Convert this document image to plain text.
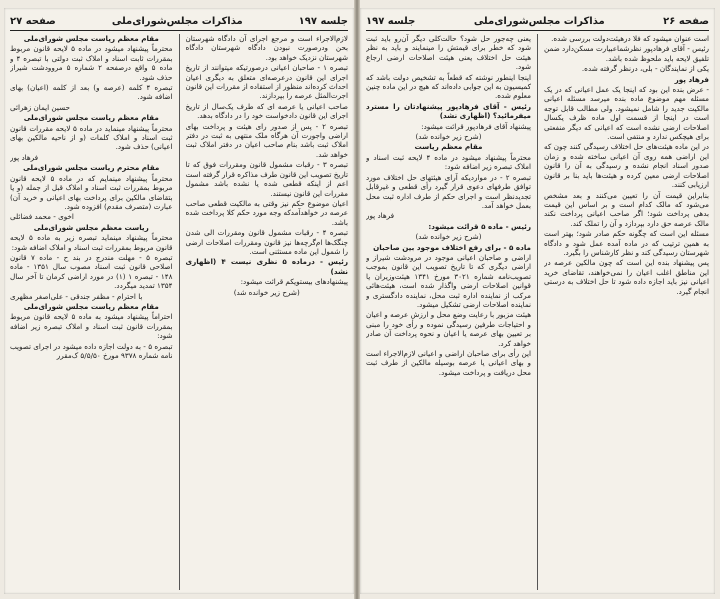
جلسه ۱۹۷
مذاکرات مجلس‌شورای‌ملی
صفحه ۲۷

لازم‌الاجراء است و مرجع اجرای آن دادگاه شهرستان بحن ودرصورت نبودن دادگاه شهرستان دادگاه شهرستان نزدیک خواهد بود.

تبصره ۱ - صاحبان اعیانی درصورتیکه میتوانند از تاریخ اجرای این قانون درعرصه‌ای متعلق به دیگری اعیان احداث کرده‌اند منظور از استفاده از مقررات این قانون اجرت‌المثل عرصه را بپردازند.

صاحب اعیانی یا عرصه ای که طرف یک‌سال از تاریخ اجرای این قانون دادخواست خود را در دادگاه بدهد.

تبصره ۲ - پس از صدور رای هیئت و پرداخت بهای اراضی واجورت آن هرگاه ملک منتهی به ثبت در دفتر املاک ثبت باشد بنام صاحب اعیان در دفتر املاک ثبت خواهد شد.

تبصره ۳ - رقبات مشمول قانون ومقررات فوق که تا تاریخ تصویب این قانون طرف مذاکره قرار گرفته است اعم از اینکه قطعی شده یا نشده باشد مشمول مقررات این قانون نیستند.

اعیان موضوع حکم نیز وقتی به مالکیت قطعی صاحب عرصه در خواهدآمدکه وجه مورد حکم کلا پرداخت شده باشد.

تبصره ۴ - رقبات مشمول قانون ومقررات الی شدن چنگک‌ها ام‌گرچه‌ها نیز قانون ومقررات اصلاحات ارضی را شمول این ماده مستثنی است.

رئیس - درماده ۵ نظری نیست ۴ (اظهاری نشد)

پیشنهادهای بیستویکم قرائت میشود:

(شرح زیر خوانده شد)

مقام معظم ریاست مجلس شورای‌ملی

محترماً پیشنهاد میشود در ماده ۵ لایحه قانون مربوط بمقررات ثابت اسناد و املاک ثبت دولتی با تبصره ۴ و ماده ۵ واقع درصفحه ۲ شماره ۵ مروودشت شیراز حذف شود.

تبصره ۴ کلمه (عرصه و) بعد از کلمه (اعیان) بهای اضافه شود.

حسین ایمان زهرائی

مقام معظم ریاست مجلس شورای‌ملی

محترماً پیشنهاد مینماید در ماده ۵ لایحه مقررات قانون ثبت اسناد و املاک کلمات (و از ناحیه مالکین بهای اعیانی) حذف شود.

فرهاد پور

مقام محترم ریاست مجلس شورای‌ملی

محترماً پیشنهاد مینمایم که در ماده ۵ لایحه قانون مربوط بمقررات ثبت اسناد و املاک قبل از جمله (و یا بتقاضای مالکین برای پرداخت بهای اعیانی و خرید آن) عبارت (متصرف مقدم) افزوده شود.

اخوی - محمد فضائلی

ریاست معظم مجلس شورای‌ملی

محترماً پیشنهاد مینماید تبصره زیر به ماده ۵ لایحه قانون مربوط بمقررات ثبت اسناد و املاک اضافه شود:

تبصره ۵ - مهلت مندرج در بند ح - ماده ۷ قانون اصلاحی قانون ثبت اسناد مصوب سال ۱۳۵۱ - ماده ۱۴۸ - تبصره ۱ (۱) در مورد اراضی کرمان تا آخر سال ۱۳۵۴ تمدید میگردد.

با احترام - مظفر جندقی - علی‌اصغر مظهری

مقام معظم ریاست مجلس شورای‌ملی

احتراماً پیشنهاد میشود به ماده ۵ لایحه قانون مربوط بمقررات قانون ثبت اسناد و املاک تبصره زیر اضافه شود:

تبصره ۵ - به دولت اجازه داده میشود در اجرای تصویب نامه شماره ۹۳۷۸ مورخ ۵/۵/۵۰ ک‌مقرر

صفحه ۲۶
مذاکرات مجلس‌شورای‌ملی
جلسه ۱۹۷

است عنوان میشود که فلا درهیئت‌دولت بررسی شده.

رئیس - آقای فرهادپور نظرشماعبیارت مسکن‌دارد ضمن تلفیق لایحه باید ملحوظ شده باشد.

یکی از نمایندگان - بلی، درنظر گرفته شده.

فرهاد پور

- عرض بنده این بود که اینجا یک عمل اعیانی که در یک مسئله مهم موضوع ماده بنده میرسد مسئله اعیانی مالکیت جدید را شامل نمیشود. ولی مطالب قابل توجه است در اینجا از قسمت اول ماده ظرف یکسال اصلاحات ارضی نشده است که اعیانی که دیگر منفعتی برای هیچکس ندارد و منتفی است.

در این ماده هیئت‌های حل اختلاف رسیدگی کنند چون که این اراضی همه روی آن اعیانی ساخته شده و زمان صدور اسناد انجام نشده و رسیدگی به آن را قانون اصلاحات ارضی معین کرده و هیئت‌ها باید بنا بر قانون ارزیابی کنند.

بنابراین قیمت آن را تعیین می‌کنند و بعد مشخص می‌شود که مالک کدام است و بر اساس این قیمت بدهی پرداخت شود؛ اگر صاحب اعیانی پرداخت نکند مالک عرصه حق دارد بپردازد و آن را تملک کند.

مسئله این است که چگونه حکم صادر شود؛ بهتر است به همین ترتیب که در ماده آمده عمل شود و دادگاه شهرستان رسیدگی کند و نظر کارشناس را بگیرد.

پس پیشنهاد بنده این است که چون مالکین عرصه در این مناطق اغلب اعیان را نمی‌خواهند، تقاضای خرید اعیانی نیز باید اجازه داده شود تا حل اختلاف به درستی انجام گیرد.

یعنی چه‌جور حل شود؟ حالت‌کلی دیگر آن‌رو باید ثبت شود که خطر برای قیمتش را مینمایند و باید به نظر هیئت حل اختلاف یعنی هیئت اصلاحات ارضی ارجاع شود.

اینجا اینطور نوشته که قطعاً به تشخیص دولت باشد که کمیسیون به این جوابی داده‌اند که هیچ در این ماده چنین معلوم شده.

رئیس - آقای فرهادپور پیشنهادتان را مسترد میفرمائید؟ (اظهاری نشد)

پیشنهاد آقای فرهادپور قرائت میشود:

(شرح زیر خوانده شد)

مقام معظم ریاست

محترماً پیشنهاد میشود در ماده ۴ لایحه ثبت اسناد و املاک تبصره زیر اضافه شود:

تبصره ۲ - در مواردیکه آرای هیئتهای حل اختلاف مورد توافق طرفهای دعوی قرار گیرد رأی قطعی و غیرقابل تجدیدنظر است و اجرای حکم از طرف اداره ثبت محل بعمل خواهد آمد.

فرهاد پور

رئیس - ماده ۵ قرائت میشود:

(شرح زیر خوانده شد)

ماده ۵ - برای رفع اختلاف موجود بین صاحبان

اراضی و صاحبان اعیانی موجود در مرودشت شیراز و اراضی دیگری که تا تاریخ تصویب این قانون بموجب تصویب‌نامه شماره ۳۰۲۱ مورخ ۱۳۴۱ هیئت‌وزیران یا قوانین اصلاحات ارضی واگذار شده است، هیئت‌هائی مرکب از نماینده اداره ثبت محل، نماینده دادگستری و نماینده اصلاحات ارضی تشکیل میشود.

هیئت مزبور با رعایت وضع محل و ارزش عرصه و اعیان و احتیاجات طرفین رسیدگی نموده و رأی خود را مبنی بر تعیین بهای عرصه یا اعیان و نحوه پرداخت آن صادر خواهد کرد.

این رأی برای صاحبان اراضی و اعیانی لازم‌الاجراء است و بهای اعیانی یا عرصه بوسیله مالکین از طرف ثبت محل دریافت و پرداخت میشود.
